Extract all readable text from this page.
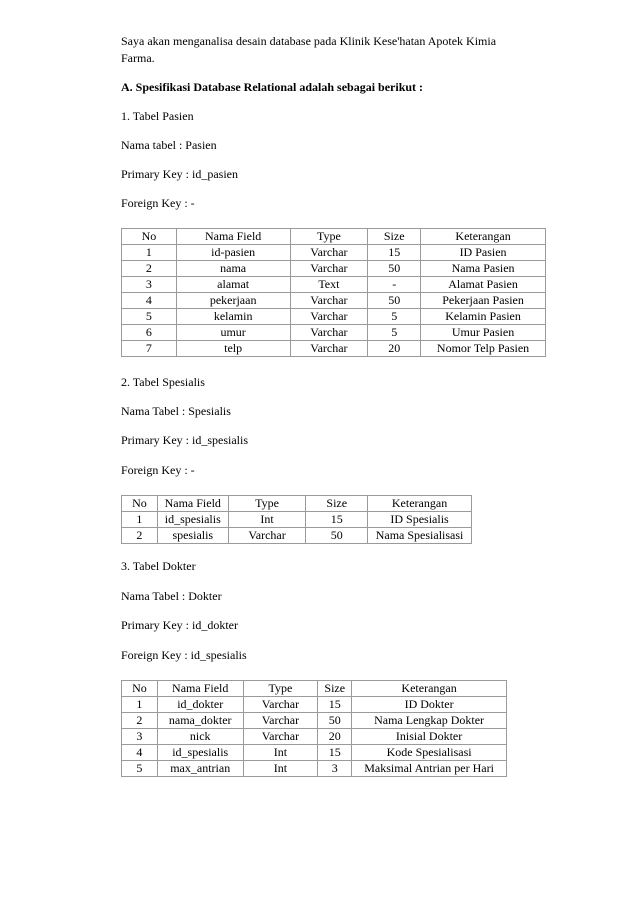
Saya akan menganalisa desain database pada Klinik Kese'hatan Apotek Kimia
Farma.
A. Spesifikasi Database Relational adalah sebagai berikut :
1. Tabel Pasien
Nama tabel : Pasien
Primary Key : id_pasien
Foreign Key : -
No	Nama Field	Type	Size	Keterangan
1	id-pasien	Varchar	15	ID Pasien
2	nama	Varchar	50	Nama Pasien
3	alamat	Text	-	Alamat Pasien
4	pekerjaan	Varchar	50	Pekerjaan Pasien
5	kelamin	Varchar	5	Kelamin Pasien
6	umur	Varchar	5	Umur Pasien
7	telp	Varchar	20	Nomor Telp Pasien
2. Tabel Spesialis
Nama Tabel : Spesialis
Primary Key : id_spesialis
Foreign Key : -
No	Nama Field	Type	Size	Keterangan
1	id_spesialis	Int	15	ID Spesialis
2	spesialis	Varchar	50	Nama Spesialisasi
3. Tabel Dokter
Nama Tabel : Dokter
Primary Key : id_dokter
Foreign Key : id_spesialis
No	Nama Field	Type	Size	Keterangan
1	id_dokter	Varchar	15	ID Dokter
2	nama_dokter	Varchar	50	Nama Lengkap Dokter
3	nick	Varchar	20	Inisial Dokter
4	id_spesialis	Int	15	Kode Spesialisasi
5	max_antrian	Int	3	Maksimal Antrian per Hari
